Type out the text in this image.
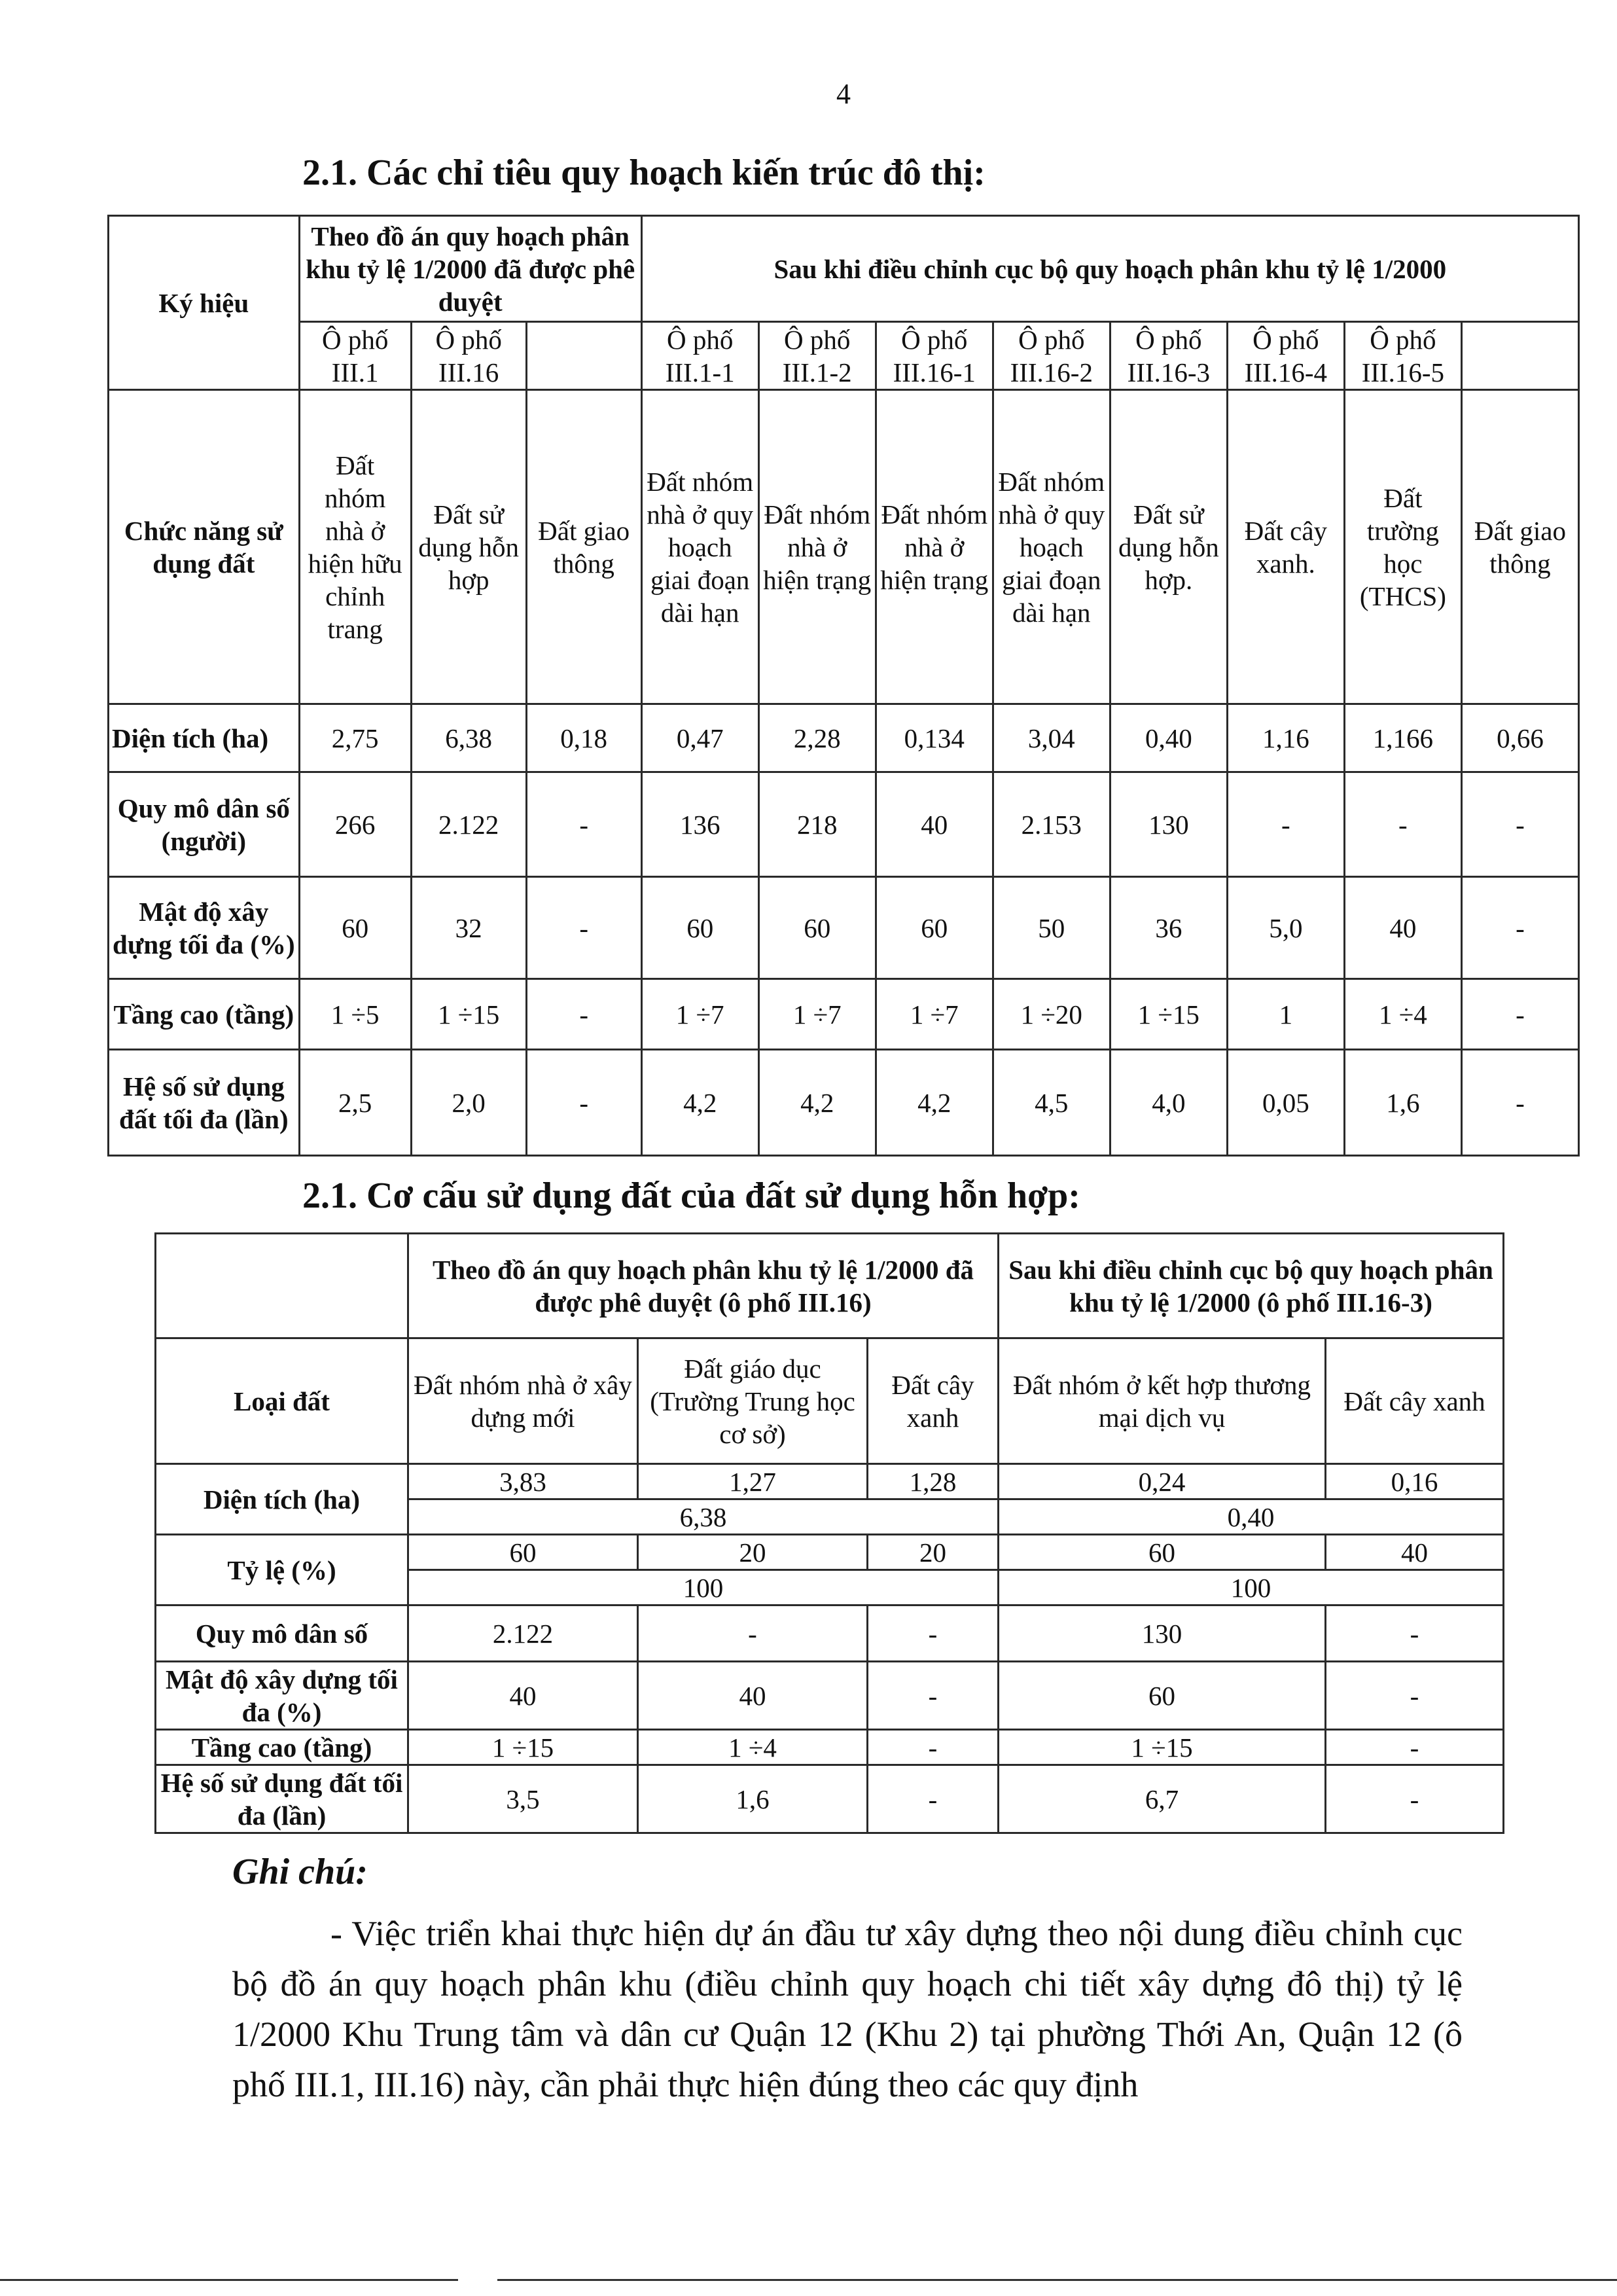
4
2.1. Các chỉ tiêu quy hoạch kiến trúc đô thị:
Ký hiệu	Theo đồ án quy hoạch phân khu tỷ lệ 1/2000 đã được phê duyệt			Sau khi điều chỉnh cục bộ quy hoạch phân khu tỷ lệ 1/2000							
	Ô phố III.1	Ô phố III.16		Ô phố III.1-1	Ô phố III.1-2	Ô phố III.16-1	Ô phố III.16-2	Ô phố III.16-3	Ô phố III.16-4	Ô phố III.16-5	
Chức năng sử dụng đất	Đất nhóm nhà ở hiện hữu chỉnh trang	Đất sử dụng hỗn hợp	Đất giao thông	Đất nhóm nhà ở quy hoạch giai đoạn dài hạn	Đất nhóm nhà ở hiện trạng	Đất nhóm nhà ở hiện trạng	Đất nhóm nhà ở quy hoạch giai đoạn dài hạn	Đất sử dụng hỗn hợp.	Đất cây xanh.	Đất trường học (THCS)	Đất giao thông
Diện tích (ha)	2,75	6,38	0,18	0,47	2,28	0,134	3,04	0,40	1,16	1,166	0,66
Quy mô dân số (người)	266	2.122	-	136	218	40	2.153	130	-	-	-
Mật độ xây dựng tối đa (%)	60	32	-	60	60	60	50	36	5,0	40	-
Tầng cao (tầng)	1 ÷5	1 ÷15	-	1 ÷7	1 ÷7	1 ÷7	1 ÷20	1 ÷15	1	1 ÷4	-
Hệ số sử dụng đất tối đa (lần)	2,5	2,0	-	4,2	4,2	4,2	4,5	4,0	0,05	1,6	-
2.1. Cơ cấu sử dụng đất của đất sử dụng hỗn hợp:
	Theo đồ án quy hoạch phân khu tỷ lệ 1/2000 đã được phê duyệt (ô phố III.16)			Sau khi điều chỉnh cục bộ quy hoạch phân khu tỷ lệ 1/2000 (ô phố III.16-3)	
Loại đất	Đất nhóm nhà ở xây dựng mới	Đất giáo dục (Trường Trung học cơ sở)	Đất cây xanh	Đất nhóm ở kết hợp thương mại dịch vụ	Đất cây xanh
Diện tích (ha)	3,83	1,27	1,28	0,24	0,16
	6,38			0,40	
Tỷ lệ (%)	60	20	20	60	40
	100			100	
Quy mô dân số	2.122	-	-	130	-
Mật độ xây dựng tối đa (%)	40	40	-	60	-
Tầng cao (tầng)	1 ÷15	1 ÷4	-	1 ÷15	-
Hệ số sử dụng đất tối đa (lần)	3,5	1,6	-	6,7	-
Ghi chú:
- Việc triển khai thực hiện dự án đầu tư xây dựng theo nội dung điều chỉnh cục bộ đồ án quy hoạch phân khu (điều chỉnh quy hoạch chi tiết xây dựng đô thị) tỷ lệ 1/2000 Khu Trung tâm và dân cư Quận 12 (Khu 2) tại phường Thới An, Quận 12 (ô phố III.1, III.16) này, cần phải thực hiện đúng theo các quy định
